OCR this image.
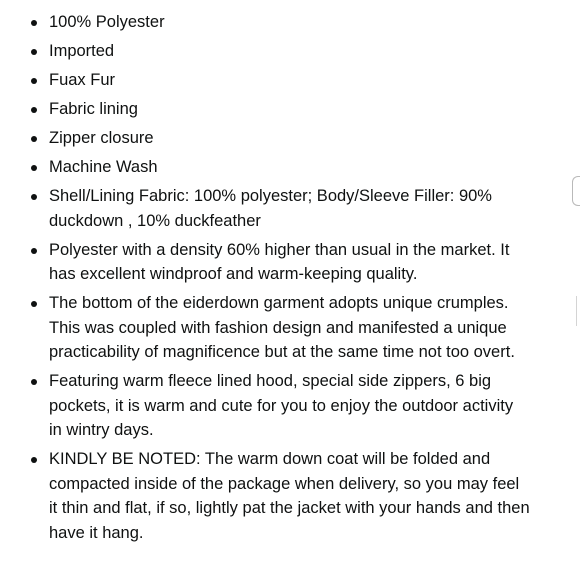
100% Polyester
Imported
Fuax Fur
Fabric lining
Zipper closure
Machine Wash
Shell/Lining Fabric: 100% polyester; Body/Sleeve Filler: 90% duckdown , 10% duckfeather
Polyester with a density 60% higher than usual in the market. It has excellent windproof and warm-keeping quality.
The bottom of the eiderdown garment adopts unique crumples. This was coupled with fashion design and manifested a unique practicability of magnificence but at the same time not too overt.
Featuring warm fleece lined hood, special side zippers, 6 big pockets, it is warm and cute for you to enjoy the outdoor activity in wintry days.
KINDLY BE NOTED: The warm down coat will be folded and compacted inside of the package when delivery, so you may feel it thin and flat, if so, lightly pat the jacket with your hands and then have it hang.
